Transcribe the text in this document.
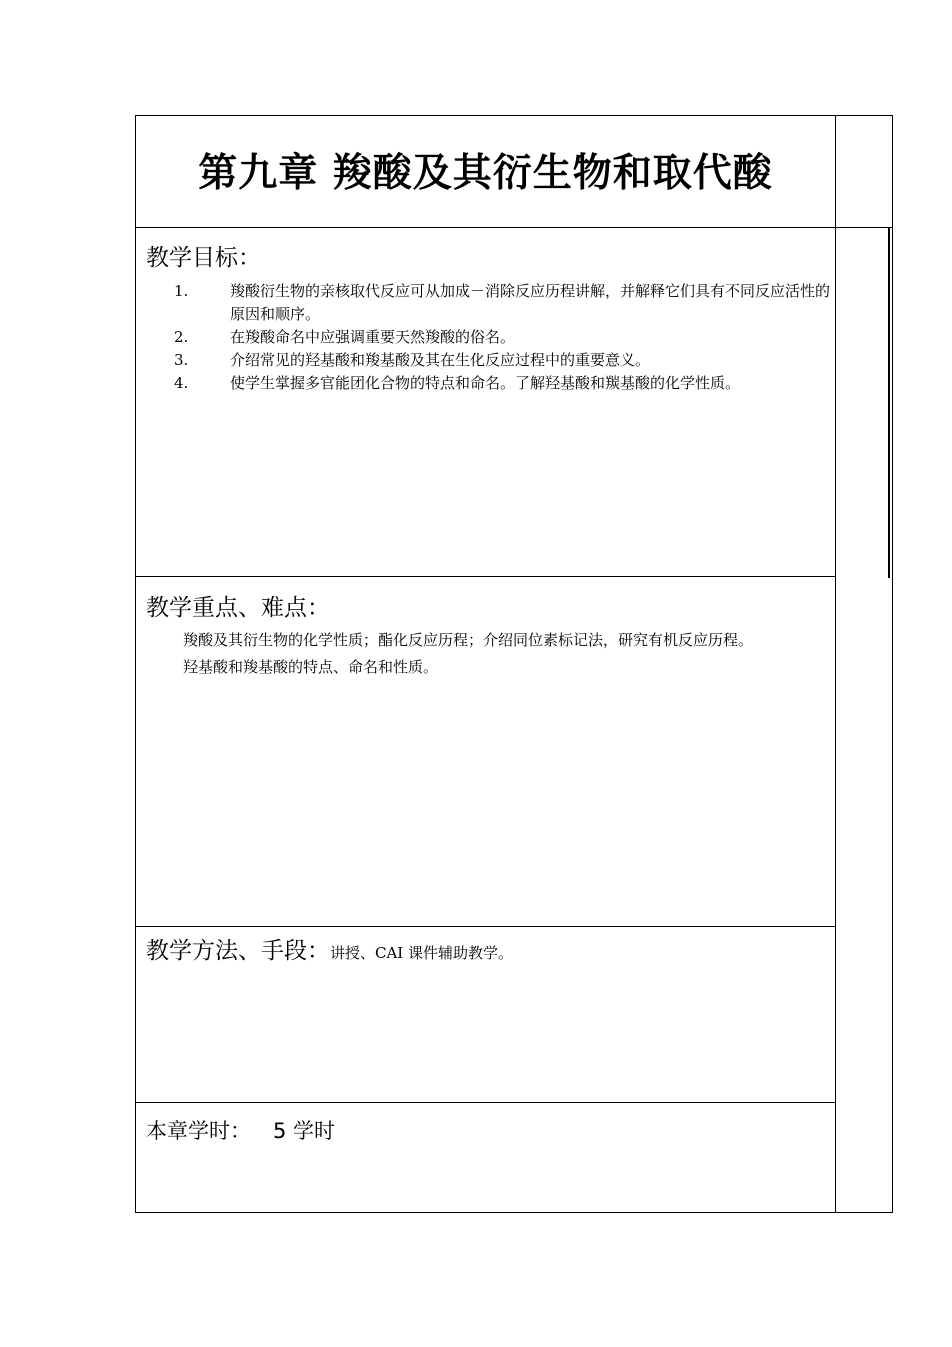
第九章 羧酸及其衍生物和取代酸
教学目标：
1.	羧酸衍生物的亲核取代反应可从加成－消除反应历程讲解，并解释它们具有不同反应活性的原因和顺序。
2.	在羧酸命名中应强调重要天然羧酸的俗名。
3.	介绍常见的羟基酸和羧基酸及其在生化反应过程中的重要意义。
4.	使学生掌握多官能团化合物的特点和命名。了解羟基酸和羰基酸的化学性质。
教学重点、难点：
羧酸及其衍生物的化学性质；酯化反应历程；介绍同位素标记法，研究有机反应历程。
羟基酸和羧基酸的特点、命名和性质。
教学方法、手段：讲授、CAI 课件辅助教学。
本章学时： 5 学时
